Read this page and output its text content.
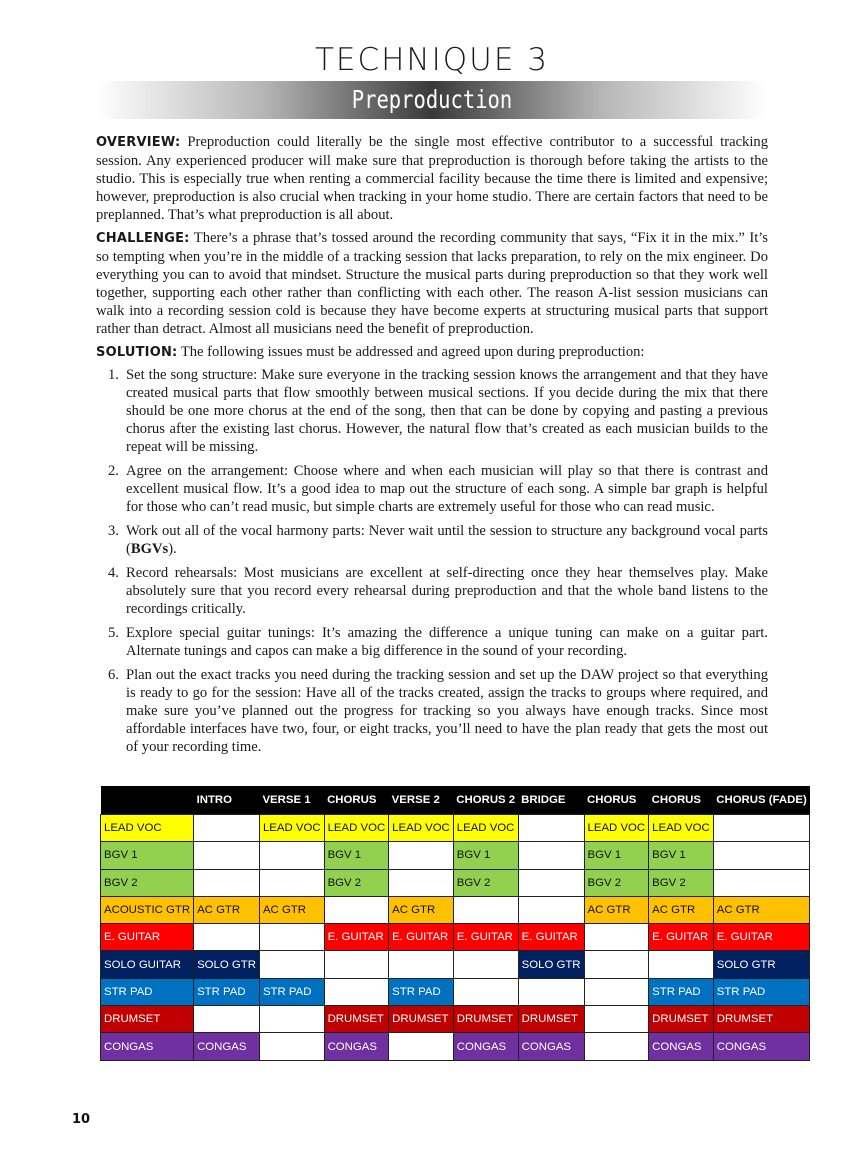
TECHNIQUE 3
Preproduction

OVERVIEW: Preproduction could literally be the single most effective contributor to a successful tracking session. Any experienced producer will make sure that preproduction is thorough before taking the artists to the studio. This is especially true when renting a commercial facility because the time there is limited and expensive; however, preproduction is also crucial when tracking in your home studio. There are certain factors that need to be preplanned. That’s what preproduction is all about.

CHALLENGE: There’s a phrase that’s tossed around the recording community that says, “Fix it in the mix.” It’s so tempting when you’re in the middle of a tracking session that lacks preparation, to rely on the mix engineer. Do everything you can to avoid that mindset. Structure the musical parts during preproduction so that they work well together, supporting each other rather than conflicting with each other. The reason A-list session musicians can walk into a recording session cold is because they have become experts at structuring musical parts that support rather than detract. Almost all musicians need the benefit of preproduction.

SOLUTION: The following issues must be addressed and agreed upon during preproduction:

1. Set the song structure: Make sure everyone in the tracking session knows the arrangement and that they have created musical parts that flow smoothly between musical sections. If you decide during the mix that there should be one more chorus at the end of the song, then that can be done by copying and pasting a previous chorus after the existing last chorus. However, the natural flow that’s created as each musician builds to the repeat will be missing.
2. Agree on the arrangement: Choose where and when each musician will play so that there is contrast and excellent musical flow. It’s a good idea to map out the structure of each song. A simple bar graph is helpful for those who can’t read music, but simple charts are extremely useful for those who can read music.
3. Work out all of the vocal harmony parts: Never wait until the session to structure any background vocal parts (BGVs).
4. Record rehearsals: Most musicians are excellent at self-directing once they hear themselves play. Make absolutely sure that you record every rehearsal during preproduction and that the whole band listens to the recordings critically.
5. Explore special guitar tunings: It’s amazing the difference a unique tuning can make on a guitar part. Alternate tunings and capos can make a big difference in the sound of your recording.
6. Plan out the exact tracks you need during the tracking session and set up the DAW project so that everything is ready to go for the session: Have all of the tracks created, assign the tracks to groups where required, and make sure you’ve planned out the progress for tracking so you always have enough tracks. Since most affordable interfaces have two, four, or eight tracks, you’ll need to have the plan ready that gets the most out of your recording time.
	INTRO	VERSE 1	CHORUS	VERSE 2	CHORUS 2	BRIDGE	CHORUS	CHORUS	CHORUS (FADE)
LEAD VOC		LEAD VOC	LEAD VOC	LEAD VOC	LEAD VOC		LEAD VOC	LEAD VOC	
BGV 1			BGV 1		BGV 1		BGV 1	BGV 1	
BGV 2			BGV 2		BGV 2		BGV 2	BGV 2	
ACOUSTIC GTR	AC GTR	AC GTR		AC GTR			AC GTR	AC GTR	AC GTR
E. GUITAR			E. GUITAR	E. GUITAR	E. GUITAR	E. GUITAR		E. GUITAR	E. GUITAR
SOLO GUITAR	SOLO GTR					SOLO GTR			SOLO GTR
STR PAD	STR PAD	STR PAD		STR PAD				STR PAD	STR PAD
DRUMSET			DRUMSET	DRUMSET	DRUMSET	DRUMSET		DRUMSET	DRUMSET
CONGAS	CONGAS		CONGAS		CONGAS	CONGAS		CONGAS	CONGAS
10
